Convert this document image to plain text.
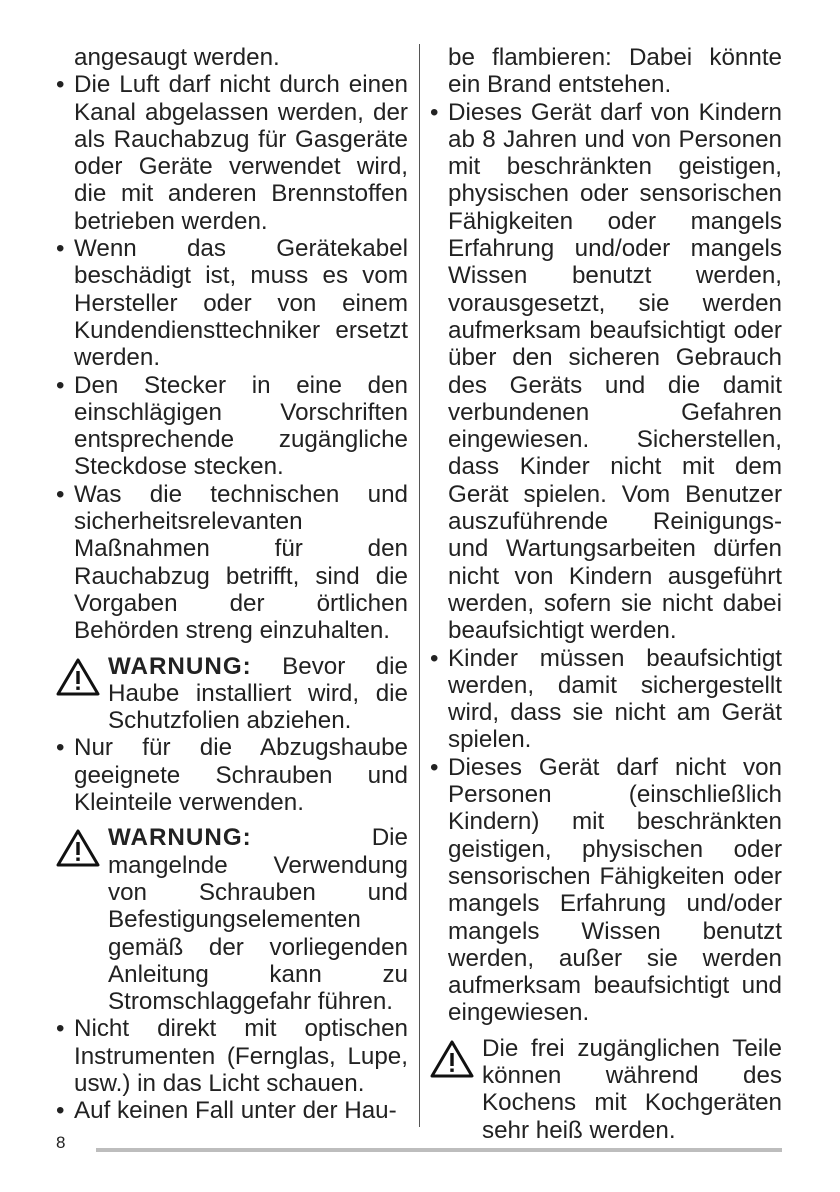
angesaugt werden.

• Die Luft darf nicht durch einen Kanal abgelassen werden, der als Rauchabzug für Gasgeräte oder Geräte verwendet wird, die mit anderen Brennstoffen betrieben werden.
• Wenn das Gerätekabel beschädigt ist, muss es vom Hersteller oder von einem Kundendiensttechniker ersetzt werden.
• Den Stecker in eine den einschlägigen Vorschriften entsprechende zugängliche Steckdose stecken.
• Was die technischen und sicherheitsrelevanten Maßnahmen für den Rauchabzug betrifft, sind die Vorgaben der örtlichen Behörden streng einzuhalten.
WARNUNG: Bevor die Haube installiert wird, die Schutzfolien abziehen.
• Nur für die Abzugshaube geeignete Schrauben und Kleinteile verwenden.
WARNUNG: Die mangelnde Verwendung von Schrauben und Befestigungselementen gemäß der vorliegenden Anleitung kann zu Stromschlaggefahr führen.
• Nicht direkt mit optischen Instrumenten (Fernglas, Lupe, usw.) in das Licht schauen.
• Auf keinen Fall unter der Hau-

be flambieren: Dabei könnte ein Brand entstehen.

• Dieses Gerät darf von Kindern ab 8 Jahren und von Personen mit beschränkten geistigen, physischen oder sensorischen Fähigkeiten oder mangels Erfahrung und/oder mangels Wissen benutzt werden, vorausgesetzt, sie werden aufmerksam beaufsichtigt oder über den sicheren Gebrauch des Geräts und die damit verbundenen Gefahren eingewiesen. Sicherstellen, dass Kinder nicht mit dem Gerät spielen. Vom Benutzer auszuführende Reinigungs- und Wartungsarbeiten dürfen nicht von Kindern ausgeführt werden, sofern sie nicht dabei beaufsichtigt werden.
• Kinder müssen beaufsichtigt werden, damit sichergestellt wird, dass sie nicht am Gerät spielen.
• Dieses Gerät darf nicht von Personen (einschließlich Kindern) mit beschränkten geistigen, physischen oder sensorischen Fähigkeiten oder mangels Erfahrung und/oder mangels Wissen benutzt werden, außer sie werden aufmerksam beaufsichtigt und eingewiesen.
Die frei zugänglichen Teile können während des Kochens mit Kochgeräten sehr heiß werden.
8
